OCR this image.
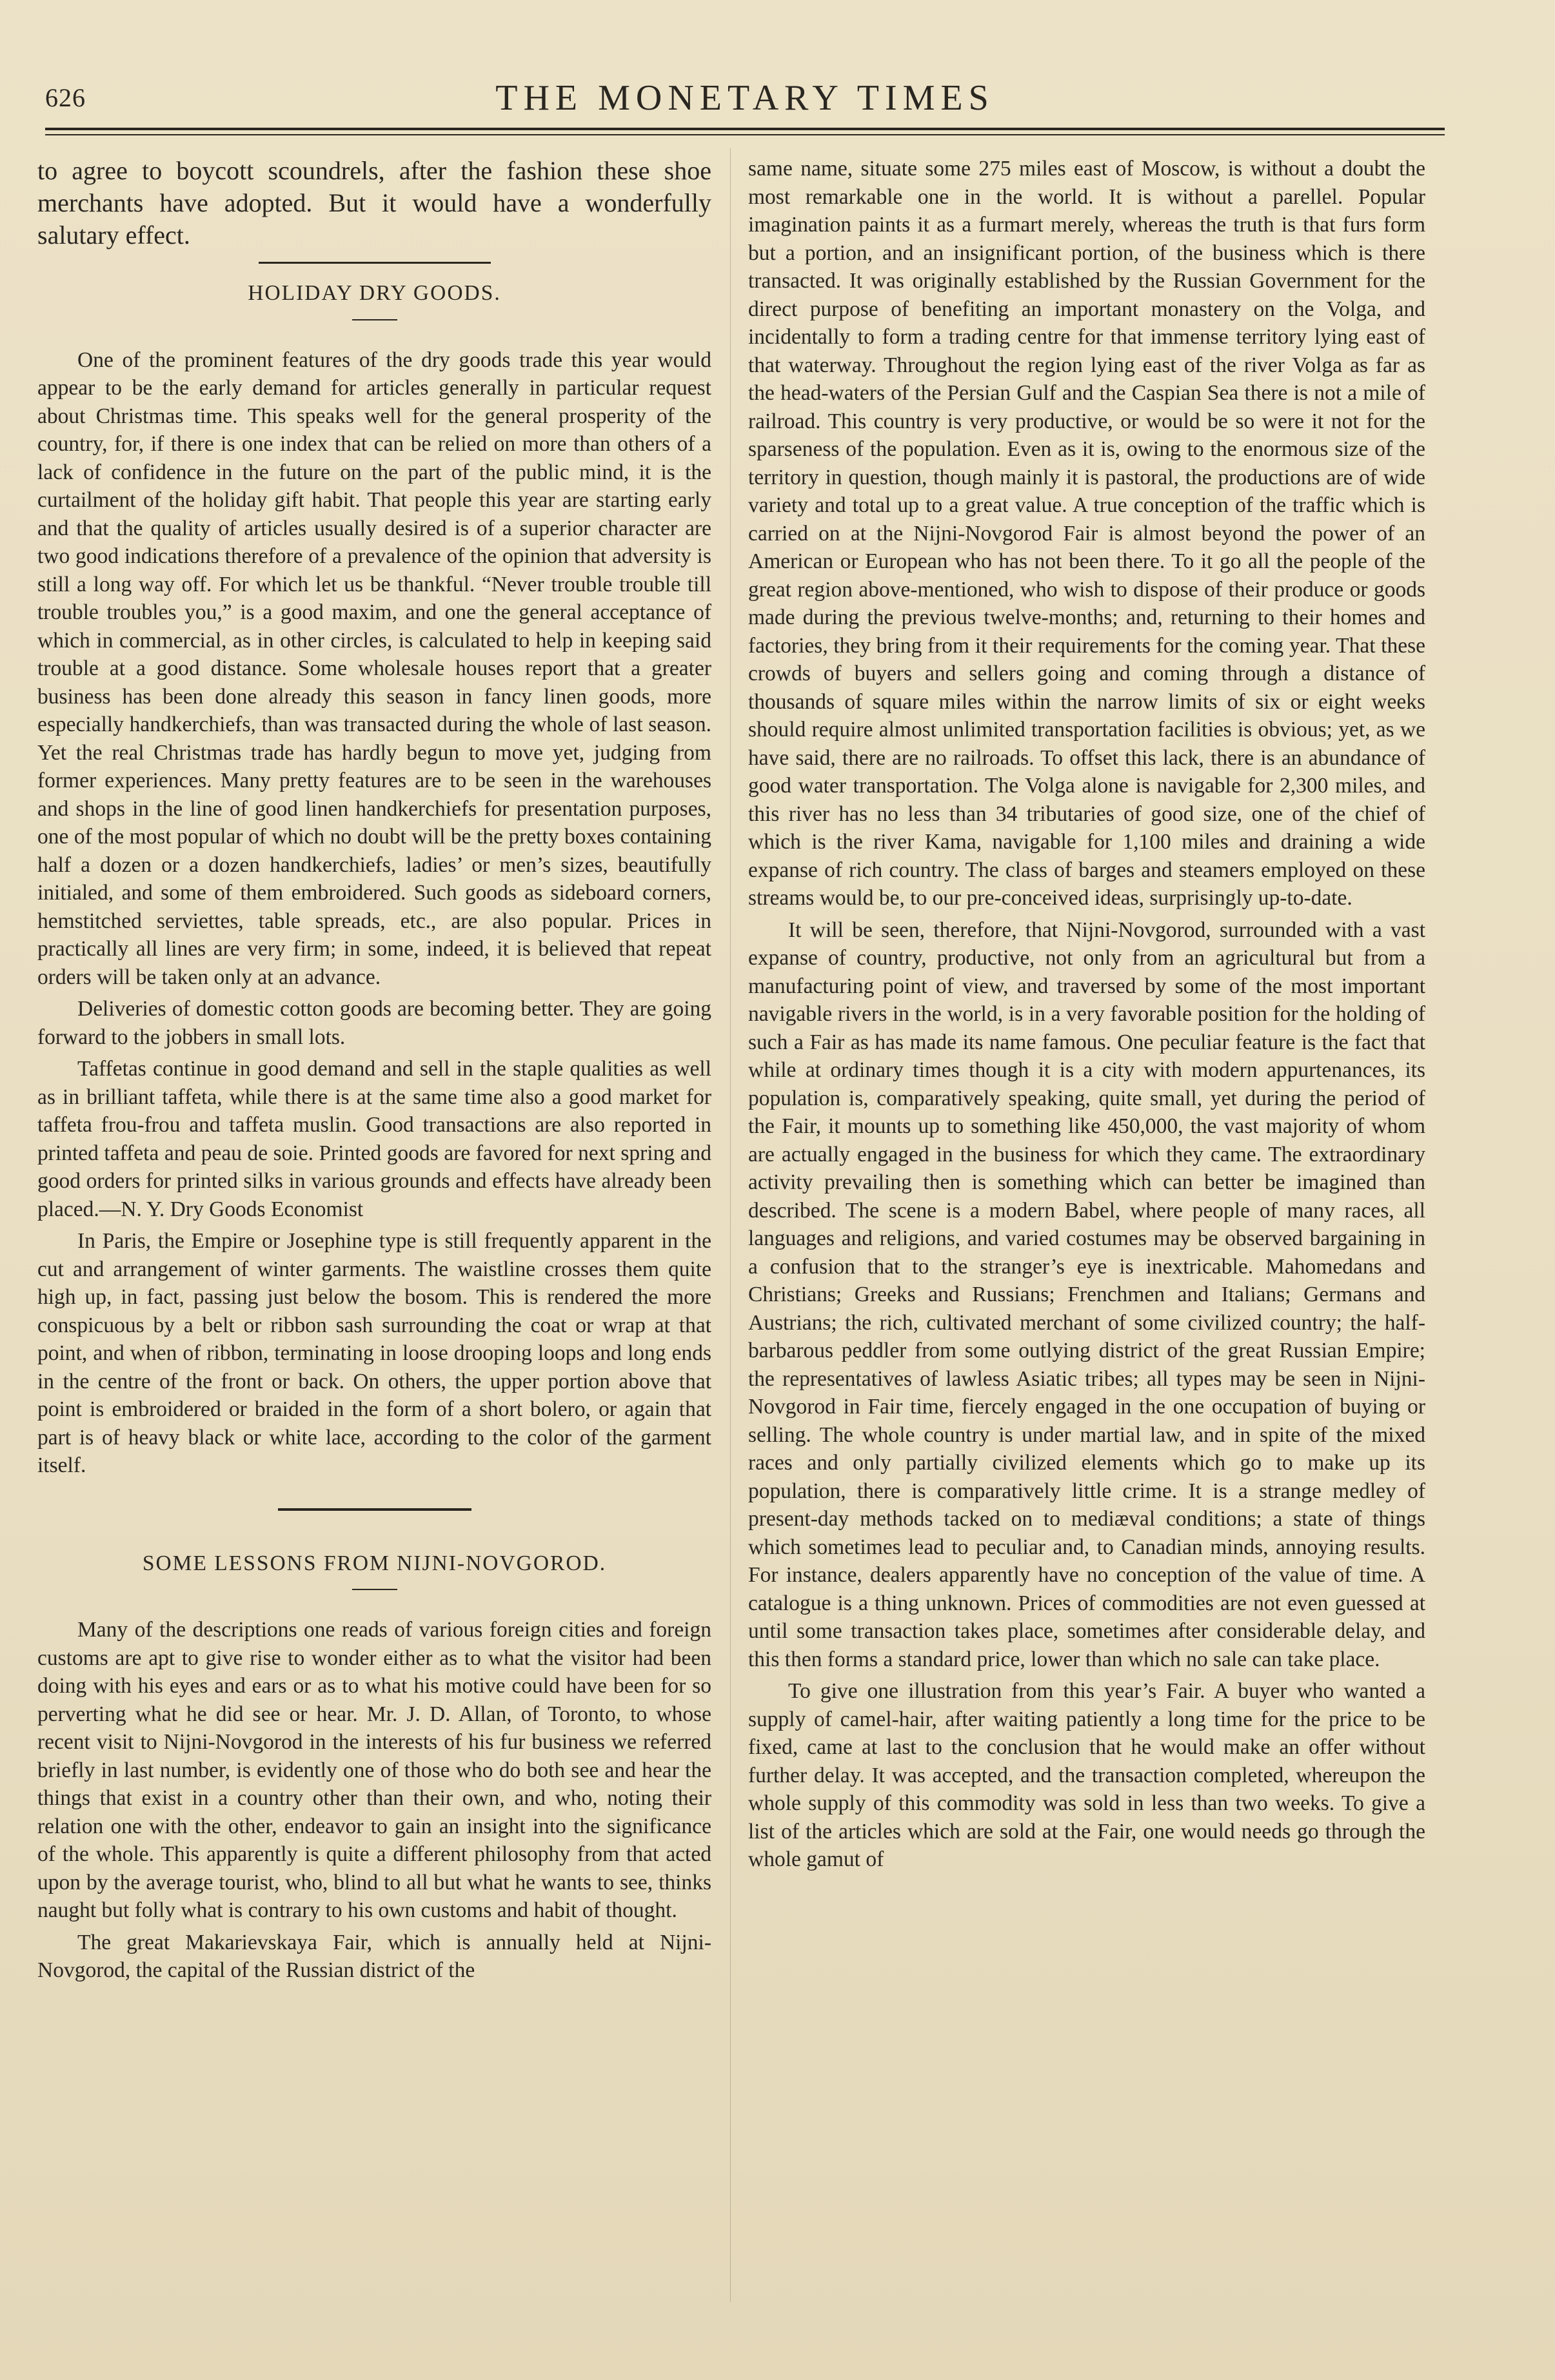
626	THE MONETARY TIMES

to agree to boycott scoundrels, after the fashion these shoe merchants have adopted. But it would have a wonderfully salutary effect.

HOLIDAY DRY GOODS.

One of the prominent features of the dry goods trade this year would appear to be the early demand for articles generally in particular request about Christmas time. This speaks well for the general prosperity of the country, for, if there is one index that can be relied on more than others of a lack of confidence in the future on the part of the public mind, it is the curtailment of the holiday gift habit. That people this year are starting early and that the quality of articles usually desired is of a superior character are two good indications therefore of a prevalence of the opinion that adversity is still a long way off. For which let us be thankful. “Never trouble trouble till trouble troubles you,” is a good maxim, and one the general acceptance of which in commercial, as in other circles, is calculated to help in keeping said trouble at a good distance. Some wholesale houses report that a greater business has been done already this season in fancy linen goods, more especially handkerchiefs, than was transacted during the whole of last season. Yet the real Christmas trade has hardly begun to move yet, judging from former experiences. Many pretty features are to be seen in the warehouses and shops in the line of good linen handkerchiefs for presentation purposes, one of the most popular of which no doubt will be the pretty boxes containing half a dozen or a dozen handkerchiefs, ladies’ or men’s sizes, beautifully initialed, and some of them embroidered. Such goods as sideboard corners, hemstitched serviettes, table spreads, etc., are also popular. Prices in practically all lines are very firm; in some, indeed, it is believed that repeat orders will be taken only at an advance.

Deliveries of domestic cotton goods are becoming better. They are going forward to the jobbers in small lots.

Taffetas continue in good demand and sell in the staple qualities as well as in brilliant taffeta, while there is at the same time also a good market for taffeta frou-frou and taffeta muslin. Good transactions are also reported in printed taffeta and peau de soie. Printed goods are favored for next spring and good orders for printed silks in various grounds and effects have already been placed.—N. Y. Dry Goods Economist

In Paris, the Empire or Josephine type is still frequently apparent in the cut and arrangement of winter garments. The waistline crosses them quite high up, in fact, passing just below the bosom. This is rendered the more conspicuous by a belt or ribbon sash surrounding the coat or wrap at that point, and when of ribbon, terminating in loose drooping loops and long ends in the centre of the front or back. On others, the upper portion above that point is embroidered or braided in the form of a short bolero, or again that part is of heavy black or white lace, according to the color of the garment itself.

SOME LESSONS FROM NIJNI-NOVGOROD.

Many of the descriptions one reads of various foreign cities and foreign customs are apt to give rise to wonder either as to what the visitor had been doing with his eyes and ears or as to what his motive could have been for so perverting what he did see or hear. Mr. J. D. Allan, of Toronto, to whose recent visit to Nijni-Novgorod in the interests of his fur business we referred briefly in last number, is evidently one of those who do both see and hear the things that exist in a country other than their own, and who, noting their relation one with the other, endeavor to gain an insight into the significance of the whole. This apparently is quite a different philosophy from that acted upon by the average tourist, who, blind to all but what he wants to see, thinks naught but folly what is contrary to his own customs and habit of thought.

The great Makarievskaya Fair, which is annually held at Nijni-Novgorod, the capital of the Russian district of the

same name, situate some 275 miles east of Moscow, is without a doubt the most remarkable one in the world. It is without a parellel. Popular imagination paints it as a furmart merely, whereas the truth is that furs form but a portion, and an insignificant portion, of the business which is there transacted. It was originally established by the Russian Government for the direct purpose of benefiting an important monastery on the Volga, and incidentally to form a trading centre for that immense territory lying east of that waterway. Throughout the region lying east of the river Volga as far as the head-waters of the Persian Gulf and the Caspian Sea there is not a mile of railroad. This country is very productive, or would be so were it not for the sparseness of the population. Even as it is, owing to the enormous size of the territory in question, though mainly it is pastoral, the productions are of wide variety and total up to a great value. A true conception of the traffic which is carried on at the Nijni-Novgorod Fair is almost beyond the power of an American or European who has not been there. To it go all the people of the great region above-mentioned, who wish to dispose of their produce or goods made during the previous twelve-months; and, returning to their homes and factories, they bring from it their requirements for the coming year. That these crowds of buyers and sellers going and coming through a distance of thousands of square miles within the narrow limits of six or eight weeks should require almost unlimited transportation facilities is obvious; yet, as we have said, there are no railroads. To offset this lack, there is an abundance of good water transportation. The Volga alone is navigable for 2,300 miles, and this river has no less than 34 tributaries of good size, one of the chief of which is the river Kama, navigable for 1,100 miles and draining a wide expanse of rich country. The class of barges and steamers employed on these streams would be, to our pre-conceived ideas, surprisingly up-to-date.

It will be seen, therefore, that Nijni-Novgorod, surrounded with a vast expanse of country, productive, not only from an agricultural but from a manufacturing point of view, and traversed by some of the most important navigable rivers in the world, is in a very favorable position for the holding of such a Fair as has made its name famous. One peculiar feature is the fact that while at ordinary times though it is a city with modern appurtenances, its population is, comparatively speaking, quite small, yet during the period of the Fair, it mounts up to something like 450,000, the vast majority of whom are actually engaged in the business for which they came. The extraordinary activity prevailing then is something which can better be imagined than described. The scene is a modern Babel, where people of many races, all languages and religions, and varied costumes may be observed bargaining in a confusion that to the stranger’s eye is inextricable. Mahomedans and Christians; Greeks and Russians; Frenchmen and Italians; Germans and Austrians; the rich, cultivated merchant of some civilized country; the half-barbarous peddler from some outlying district of the great Russian Empire; the representatives of lawless Asiatic tribes; all types may be seen in Nijni-Novgorod in Fair time, fiercely engaged in the one occupation of buying or selling. The whole country is under martial law, and in spite of the mixed races and only partially civilized elements which go to make up its population, there is comparatively little crime. It is a strange medley of present-day methods tacked on to mediæval conditions; a state of things which sometimes lead to peculiar and, to Canadian minds, annoying results. For instance, dealers apparently have no conception of the value of time. A catalogue is a thing unknown. Prices of commodities are not even guessed at until some transaction takes place, sometimes after considerable delay, and this then forms a standard price, lower than which no sale can take place.

To give one illustration from this year’s Fair. A buyer who wanted a supply of camel-hair, after waiting patiently a long time for the price to be fixed, came at last to the conclusion that he would make an offer without further delay. It was accepted, and the transaction completed, whereupon the whole supply of this commodity was sold in less than two weeks. To give a list of the articles which are sold at the Fair, one would needs go through the whole gamut of
